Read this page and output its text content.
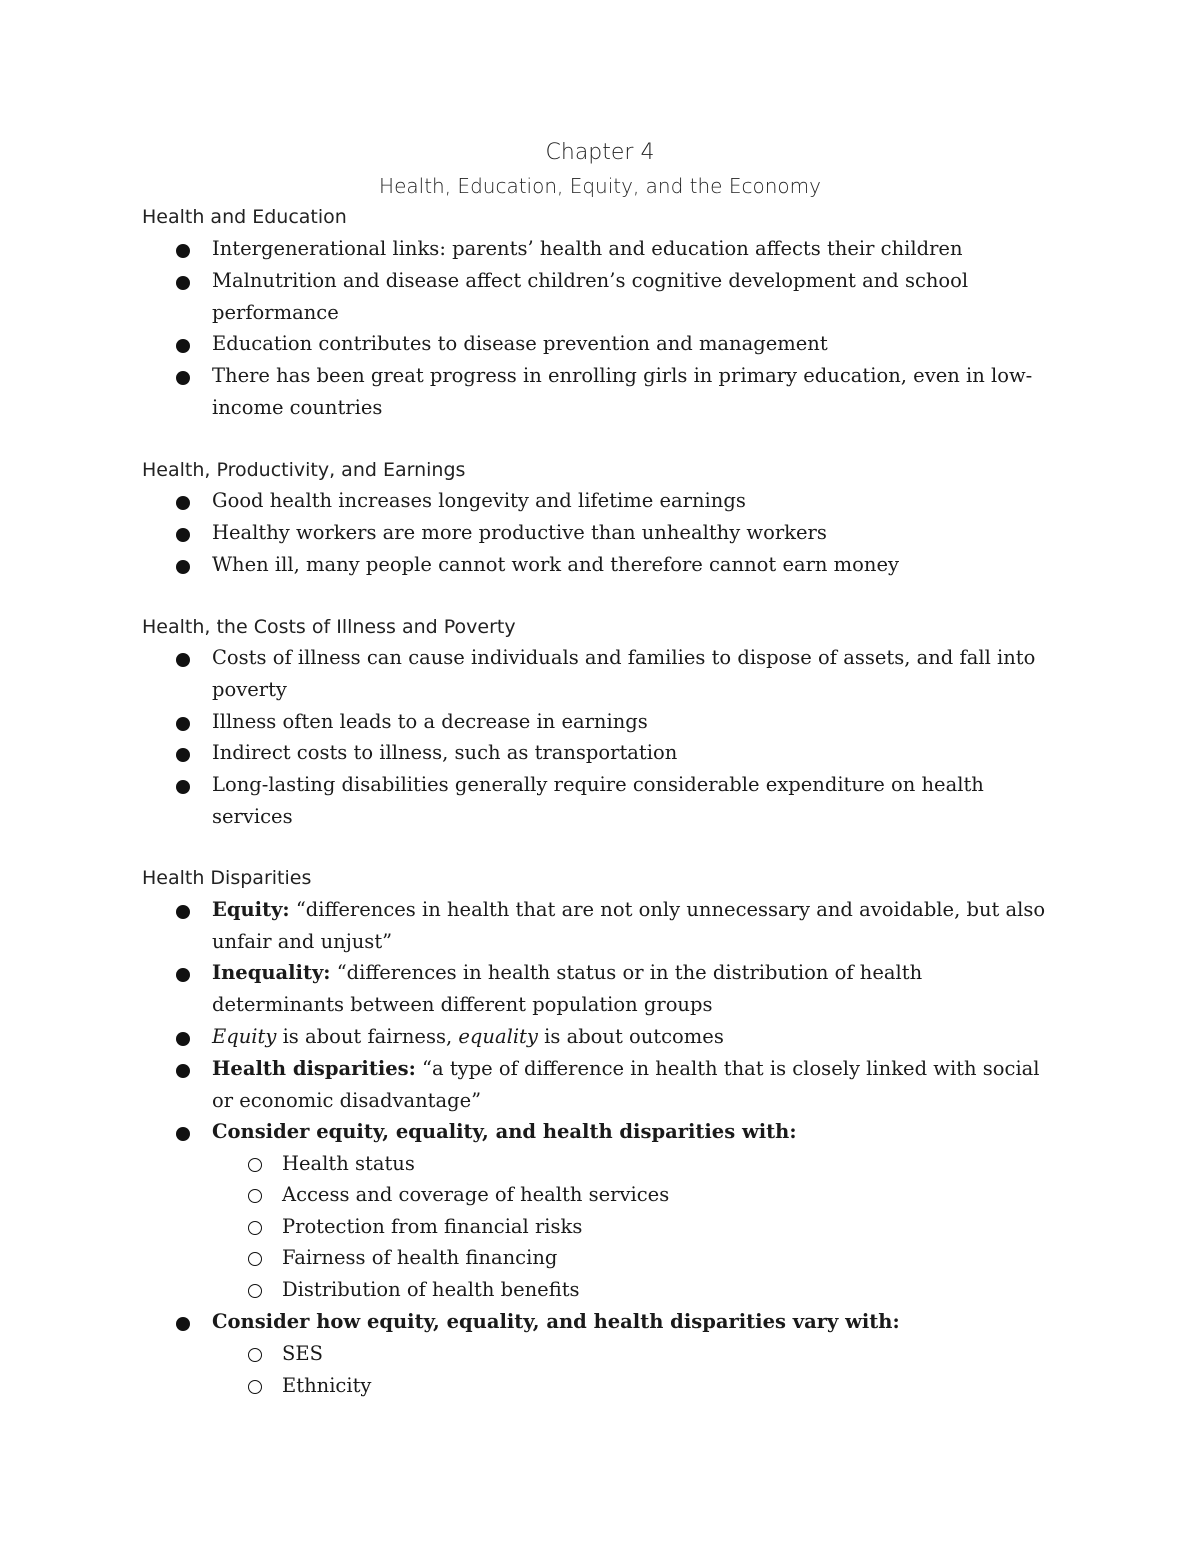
Chapter 4
Health, Education, Equity, and the Economy
Health and Education
Intergenerational links: parents’ health and education affects their children
Malnutrition and disease affect children’s cognitive development and school performance
Education contributes to disease prevention and management
There has been great progress in enrolling girls in primary education, even in low-income countries
Health, Productivity, and Earnings
Good health increases longevity and lifetime earnings
Healthy workers are more productive than unhealthy workers
When ill, many people cannot work and therefore cannot earn money
Health, the Costs of Illness and Poverty
Costs of illness can cause individuals and families to dispose of assets, and fall into poverty
Illness often leads to a decrease in earnings
Indirect costs to illness, such as transportation
Long-lasting disabilities generally require considerable expenditure on health services
Health Disparities
Equity: “differences in health that are not only unnecessary and avoidable, but also unfair and unjust”
Inequality: “differences in health status or in the distribution of health determinants between different population groups
Equity is about fairness, equality is about outcomes
Health disparities: “a type of difference in health that is closely linked with social or economic disadvantage”
Consider equity, equality, and health disparities with:
Health status
Access and coverage of health services
Protection from financial risks
Fairness of health financing
Distribution of health benefits
Consider how equity, equality, and health disparities vary with:
SES
Ethnicity
